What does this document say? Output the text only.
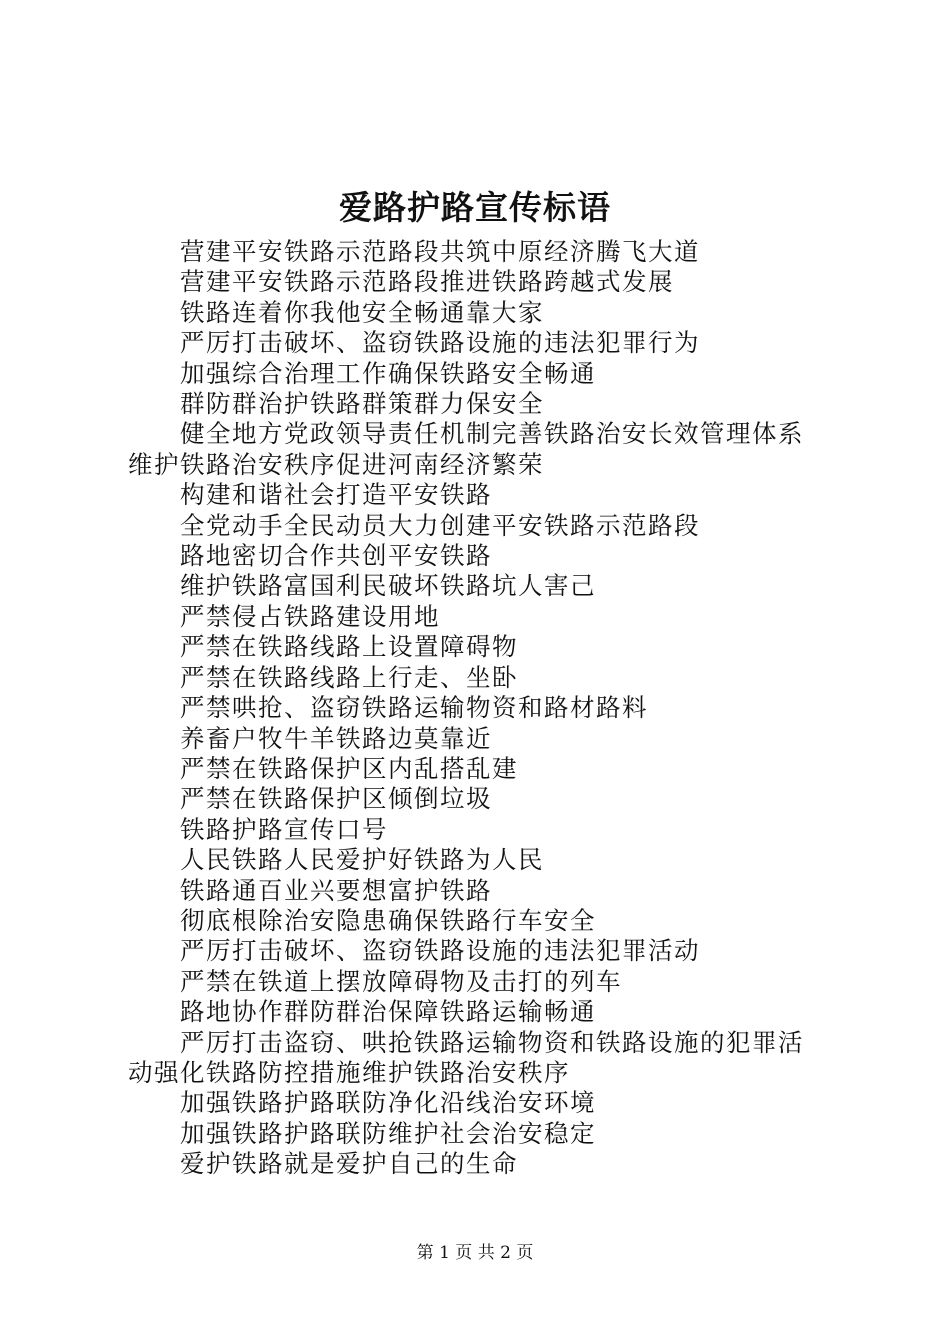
爱路护路宣传标语

营建平安铁路示范路段共筑中原经济腾飞大道

营建平安铁路示范路段推进铁路跨越式发展

铁路连着你我他安全畅通靠大家

严厉打击破坏、盗窃铁路设施的违法犯罪行为

加强综合治理工作确保铁路安全畅通

群防群治护铁路群策群力保安全

健全地方党政领导责任机制完善铁路治安长效管理体系维护铁路治安秩序促进河南经济繁荣

构建和谐社会打造平安铁路

全党动手全民动员大力创建平安铁路示范路段

路地密切合作共创平安铁路

维护铁路富国利民破坏铁路坑人害己

严禁侵占铁路建设用地

严禁在铁路线路上设置障碍物

严禁在铁路线路上行走、坐卧

严禁哄抢、盗窃铁路运输物资和路材路料

养畜户牧牛羊铁路边莫靠近

严禁在铁路保护区内乱搭乱建

严禁在铁路保护区倾倒垃圾

铁路护路宣传口号

人民铁路人民爱护好铁路为人民

铁路通百业兴要想富护铁路

彻底根除治安隐患确保铁路行车安全

严厉打击破坏、盗窃铁路设施的违法犯罪活动

严禁在铁道上摆放障碍物及击打的列车

路地协作群防群治保障铁路运输畅通

严厉打击盗窃、哄抢铁路运输物资和铁路设施的犯罪活动强化铁路防控措施维护铁路治安秩序

加强铁路护路联防净化沿线治安环境

加强铁路护路联防维护社会治安稳定

爱护铁路就是爱护自己的生命

第 1 页 共 2 页
